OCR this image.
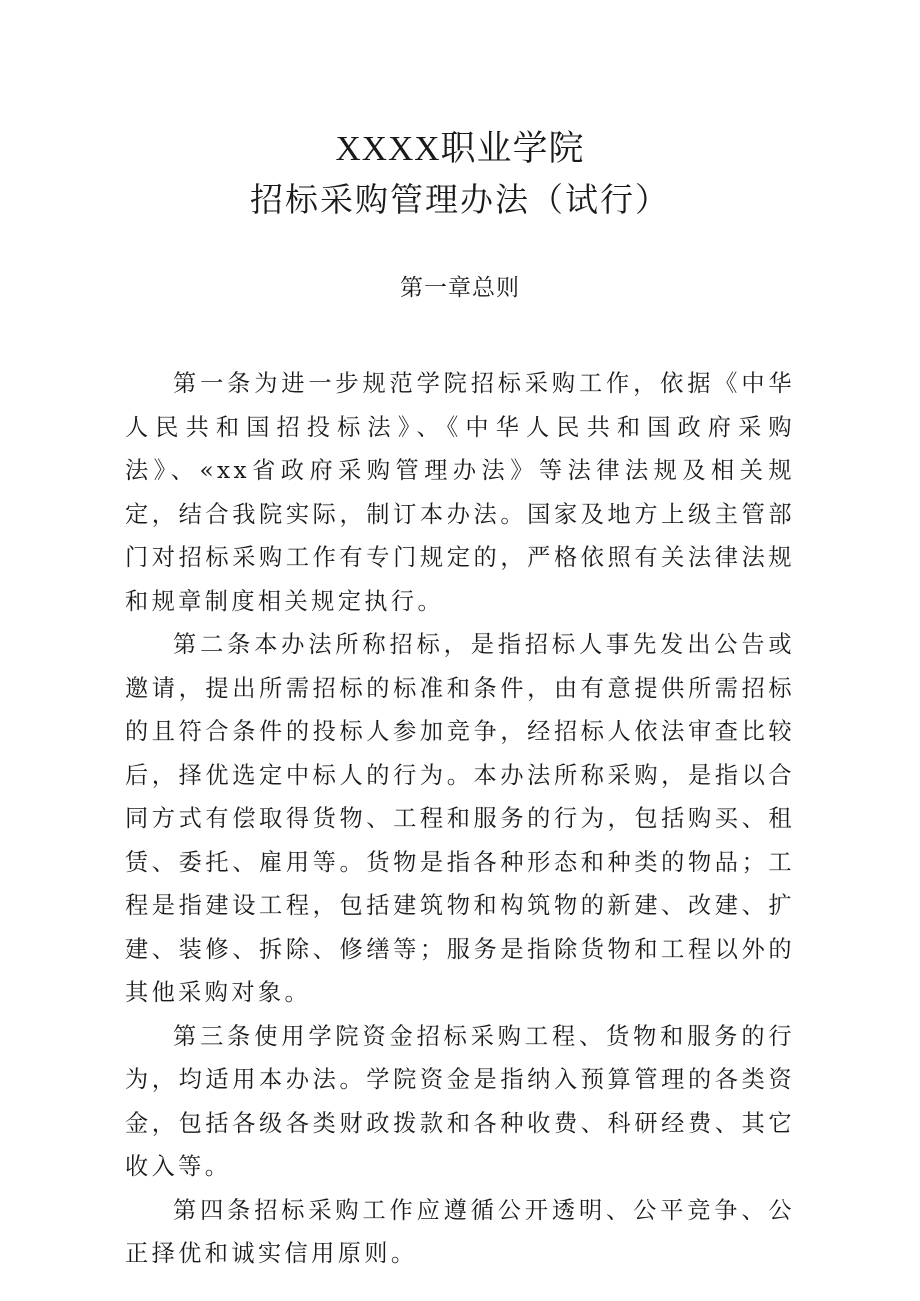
XXXX职业学院
招标采购管理办法（试行）
第一章总则

第一条为进一步规范学院招标采购工作，依据《中华人民共和国招投标法》、《中华人民共和国政府采购法》、«xx省政府采购管理办法》等法律法规及相关规定，结合我院实际，制订本办法。国家及地方上级主管部门对招标采购工作有专门规定的，严格依照有关法律法规和规章制度相关规定执行。

第二条本办法所称招标，是指招标人事先发出公告或邀请，提出所需招标的标准和条件，由有意提供所需招标的且符合条件的投标人参加竞争，经招标人依法审查比较后，择优选定中标人的行为。本办法所称采购，是指以合同方式有偿取得货物、工程和服务的行为，包括购买、租赁、委托、雇用等。货物是指各种形态和种类的物品；工程是指建设工程，包括建筑物和构筑物的新建、改建、扩建、装修、拆除、修缮等；服务是指除货物和工程以外的其他采购对象。

第三条使用学院资金招标采购工程、货物和服务的行为，均适用本办法。学院资金是指纳入预算管理的各类资金，包括各级各类财政拨款和各种收费、科研经费、其它收入等。

第四条招标采购工作应遵循公开透明、公平竞争、公正择优和诚实信用原则。
